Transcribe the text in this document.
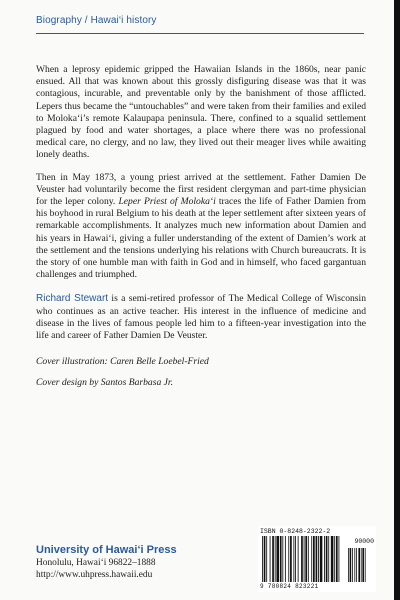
Biography / Hawai‘i history

When a leprosy epidemic gripped the Hawaiian Islands in the 1860s, near panic ensued. All that was known about this grossly disfiguring disease was that it was contagious, incurable, and preventable only by the banishment of those afflicted. Lepers thus became the “untouchables” and were taken from their families and exiled to Moloka‘i’s remote Kalaupapa peninsula. There, confined to a squalid settlement plagued by food and water shortages, a place where there was no professional medical care, no clergy, and no law, they lived out their meager lives while awaiting lonely deaths.

Then in May 1873, a young priest arrived at the settlement. Father Damien De Veuster had voluntarily become the first resident clergyman and part-time physician for the leper colony. Leper Priest of Moloka‘i traces the life of Father Damien from his boyhood in rural Belgium to his death at the leper settlement after sixteen years of remarkable accomplishments. It analyzes much new information about Damien and his years in Hawai‘i, giving a fuller understanding of the extent of Damien’s work at the settlement and the tensions underlying his relations with Church bureaucrats. It is the story of one humble man with faith in God and in himself, who faced gargantuan challenges and triumphed.

Richard Stewart is a semi-retired professor of The Medical College of Wisconsin who continues as an active teacher. His interest in the influence of medicine and disease in the lives of famous people led him to a fifteen-year investigation into the life and career of Father Damien De Veuster.

Cover illustration: Caren Belle Loebel-Fried

Cover design by Santos Barbasa Jr.

University of Hawai‘i Press
Honolulu, Hawai‘i 96822–1888
http://www.uhpress.hawaii.edu
ISBN 0-8248-2322-2
90000
9 780824 823221
